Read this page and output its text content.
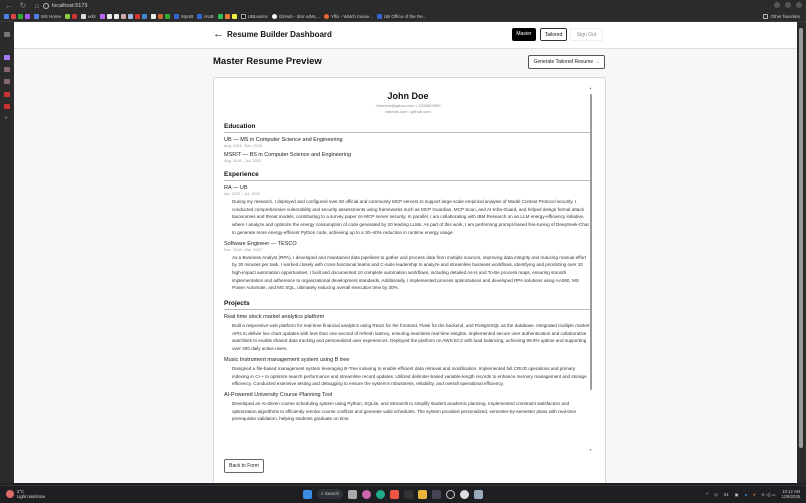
← ↻	⌂	localhost:5173
MS Home	edX	MyUB HUB	UBLearns GitHub - dsrr-a/ML... Yflix - Watch movie... UB Office of the Re...	Other favorites
+
← Resume Builder Dashboard	Master	Tailored	Sign Out
Master Resume Preview	Generate Tailored Resume →
John Doe
Johndoe@yahoo.com • 1234567890
linkedin.com • github.com
Education
UB — MS in Computer Science and Engineering
Aug. 2024 - Dec. 2025
MSRIT — BS in Computer Science and Engineering
Aug. 2018 – Jul. 2022
Experience
RA — UB
Apr. 2022 – Jul. 2024
• During my research, I deployed and configured over 60 official and community MCP servers to support large-scale empirical analysis of Model Context Protocol security. I conducted comprehensive vulnerability and security assessments using frameworks such as MCP Guardian, MCP Scan, and AI-Infra-Guard, and helped design formal attack taxonomies and threat models, contributing to a survey paper on MCP server security. In parallel, I am collaborating with IBM Research on an LLM energy-efficiency initiative, where I analyze and optimize the energy consumption of code generated by 20 leading LLMs. As part of this work, I am performing prompt-based fine-tuning of DeepSeek-Chat to generate more energy-efficient Python code, achieving up to a 30–40% reduction in runtime energy usage.
Software Engineer — TESCO
Dec. 2018 - Mar. 2022
• As a Business Analyst (RPA), I developed and maintained data pipelines to gather and process data from multiple sources, improving data integrity and reducing manual effort by 30 minutes per task. I worked closely with cross-functional teams and C-suite leadership to analyze and streamline business workflows, identifying and prioritizing over 10 high-impact automation opportunities. I built and documented 10 complete automation workflows, including detailed As-Is and To-Be process maps, ensuring smooth implementation and adherence to organizational development standards. Additionally, I implemented process optimizations and developed RPA solutions using AA360, MS Power Automate, and MS SQL, ultimately reducing overall execution time by 30%.
Projects
Real time stock market analytics platform
• Built a responsive web platform for real-time financial analytics using React for the frontend, Flask for the backend, and PostgreSQL as the database. Integrated multiple market APIs to deliver live chart updates with less than one second of refresh latency, ensuring seamless real-time insights. Implemented secure user authentication and collaborative watchlists to enable shared data tracking and personalized user experiences. Deployed the platform on AWS EC2 with load balancing, achieving 99.9% uptime and supporting over 200 daily active users.
Music Instrument management system using B tree
• Designed a file-based management system leveraging B-Tree indexing to enable efficient data retrieval and modification. Implemented full CRUD operations and primary indexing in C++ to optimize search performance and streamline record updates. Utilized delimiter-based variable-length records to enhance memory management and storage efficiency. Conducted extensive testing and debugging to ensure the system's robustness, reliability, and overall operational efficiency.
AI-Powered University Course Planning Tool
• Developed an AI-driven course scheduling system using Python, SQLite, and Streamlit to simplify student academic planning. Implemented constraint satisfaction and optimization algorithms to efficiently resolve course conflicts and generate valid schedules. The system provided personalized, semester-by-semester plans with real-time prerequisite validation, helping students graduate on time.
▲
▼
Back to Form
2°C
Light rain/snow
⌕ Search	^ ◎ 61 ▣ ● ♦ ≋ ◁) ▭ 10:12 AM
11/9/2025
